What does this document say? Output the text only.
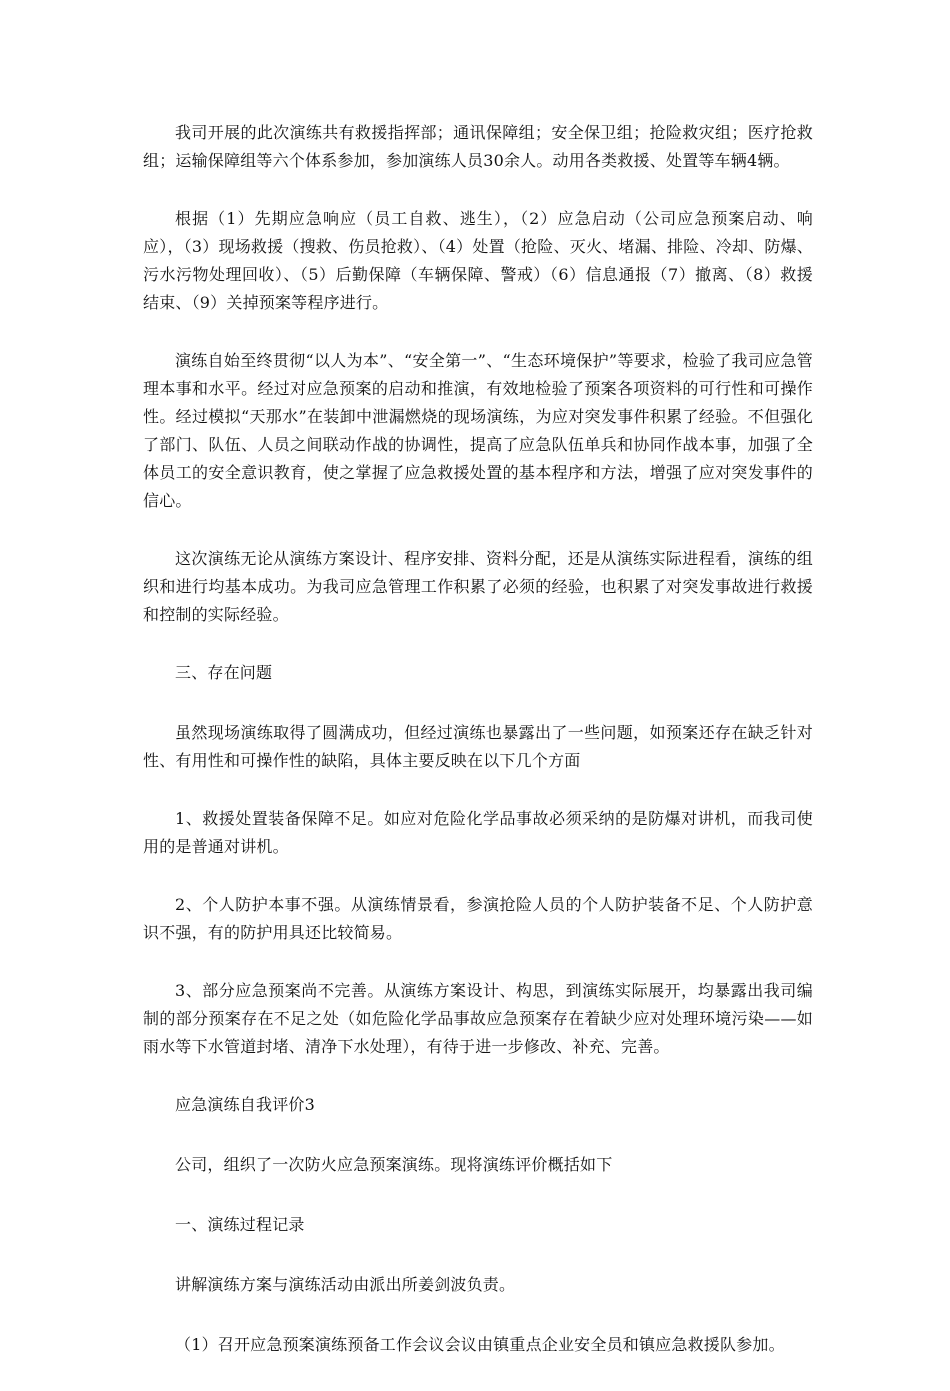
我司开展的此次演练共有救援指挥部；通讯保障组；安全保卫组；抢险救灾组；医疗抢救组；运输保障组等六个体系参加，参加演练人员30余人。动用各类救援、处置等车辆4辆。

根据（1）先期应急响应（员工自救、逃生），（2）应急启动（公司应急预案启动、响应），（3）现场救援（搜救、伤员抢救）、（4）处置（抢险、灭火、堵漏、排险、冷却、防爆、污水污物处理回收）、（5）后勤保障（车辆保障、警戒）（6）信息通报（7）撤离、（8）救援结束、（9）关掉预案等程序进行。

演练自始至终贯彻“以人为本”、“安全第一”、“生态环境保护”等要求，检验了我司应急管理本事和水平。经过对应急预案的启动和推演，有效地检验了预案各项资料的可行性和可操作性。经过模拟“天那水”在装卸中泄漏燃烧的现场演练，为应对突发事件积累了经验。不但强化了部门、队伍、人员之间联动作战的协调性，提高了应急队伍单兵和协同作战本事，加强了全体员工的安全意识教育，使之掌握了应急救援处置的基本程序和方法，增强了应对突发事件的信心。

这次演练无论从演练方案设计、程序安排、资料分配，还是从演练实际进程看，演练的组织和进行均基本成功。为我司应急管理工作积累了必须的经验，也积累了对突发事故进行救援和控制的实际经验。

三、存在问题

虽然现场演练取得了圆满成功，但经过演练也暴露出了一些问题，如预案还存在缺乏针对性、有用性和可操作性的缺陷，具体主要反映在以下几个方面

1、救援处置装备保障不足。如应对危险化学品事故必须采纳的是防爆对讲机，而我司使用的是普通对讲机。

2、个人防护本事不强。从演练情景看，参演抢险人员的个人防护装备不足、个人防护意识不强，有的防护用具还比较简易。

3、部分应急预案尚不完善。从演练方案设计、构思，到演练实际展开，均暴露出我司编制的部分预案存在不足之处（如危险化学品事故应急预案存在着缺少应对处理环境污染——如雨水等下水管道封堵、清净下水处理），有待于进一步修改、补充、完善。

应急演练自我评价3

公司，组织了一次防火应急预案演练。现将演练评价概括如下

一、演练过程记录

讲解演练方案与演练活动由派出所姜剑波负责。

（1）召开应急预案演练预备工作会议会议由镇重点企业安全员和镇应急救援队参加。
